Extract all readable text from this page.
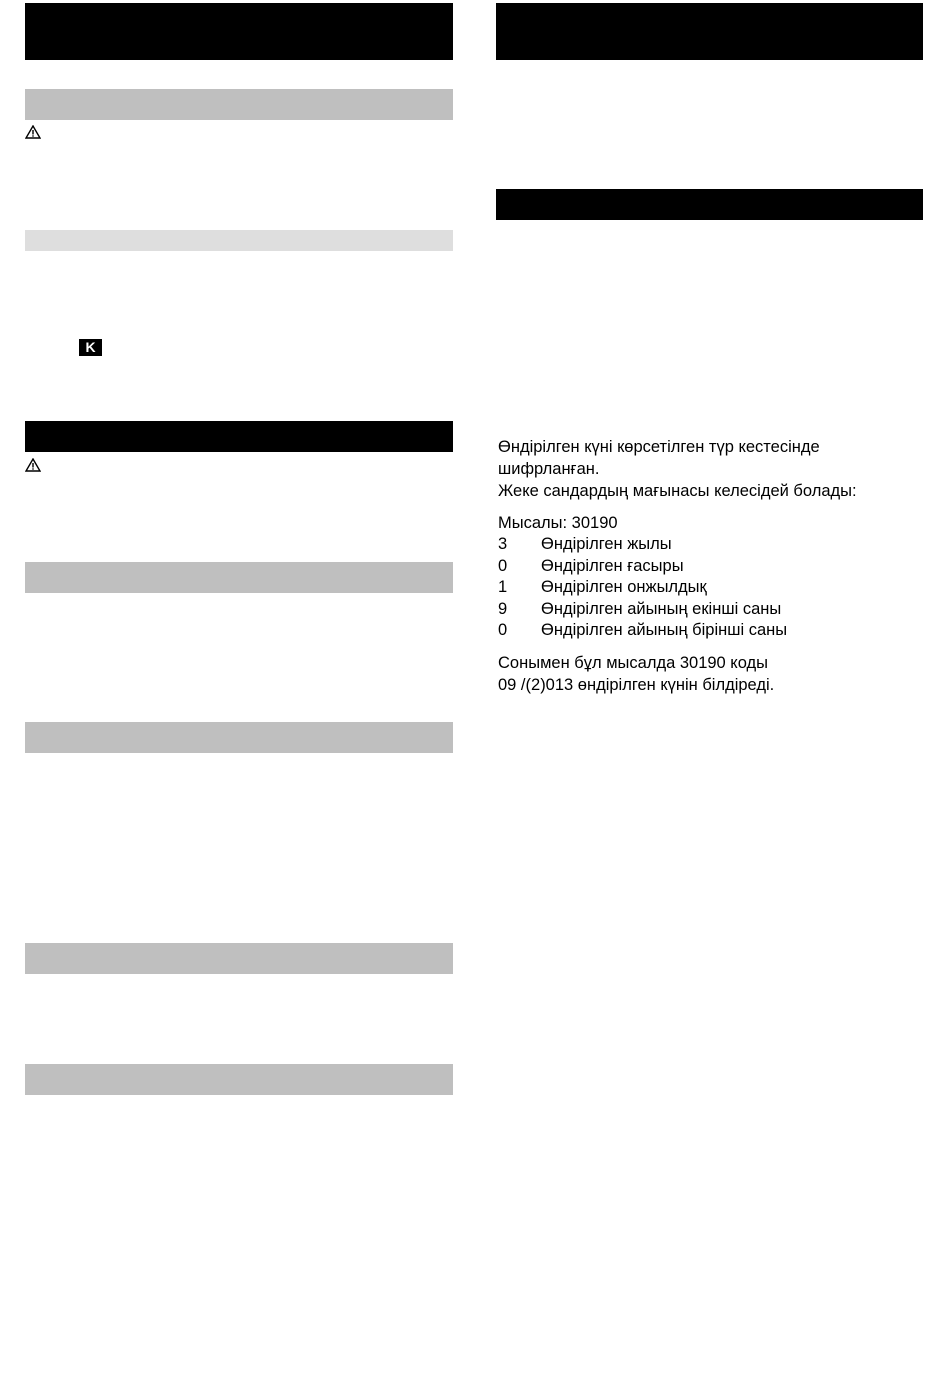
K
Өндірілген күні көрсетілген түр кестесінде
шифрланған.
Жеке сандардың мағынасы келесідей болады:
Мысалы: 30190
3 Өндірілген жылы
0 Өндірілген ғасыры
1 Өндірілген онжылдық
9 Өндірілген айының екінші саны
0 Өндірілген айының бірінші саны
Сонымен бұл мысалда 30190 коды
09 /(2)013 өндірілген күнін білдіреді.
